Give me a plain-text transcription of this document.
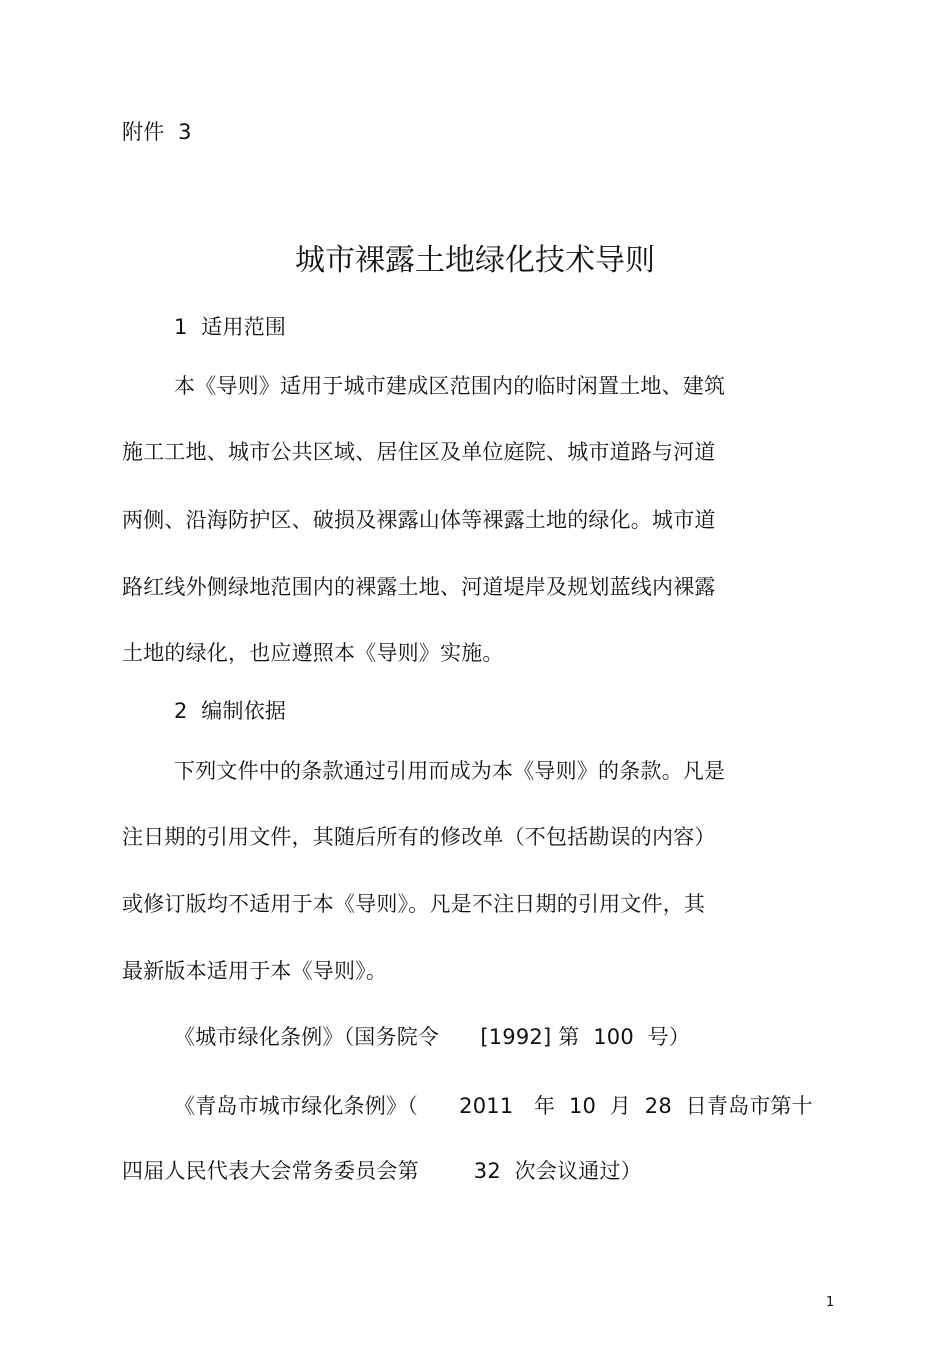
附件  3
城市裸露土地绿化技术导则
1  适用范围
本《导则》适用于城市建成区范围内的临时闲置土地、建筑
施工工地、城市公共区域、居住区及单位庭院、城市道路与河道
两侧、沿海防护区、破损及裸露山体等裸露土地的绿化。城市道
路红线外侧绿地范围内的裸露土地、河道堤岸及规划蓝线内裸露
土地的绿化，也应遵照本《导则》实施。
2  编制依据
下列文件中的条款通过引用而成为本《导则》的条款。凡是
注日期的引用文件，其随后所有的修改单（不包括勘误的内容）
或修订版均不适用于本《导则》。凡是不注日期的引用文件，其
最新版本适用于本《导则》。
《城市绿化条例》（国务院令      [1992] 第  100  号）
《青岛市城市绿化条例》（      2011   年  10  月  28  日青岛市第十
四届人民代表大会常务委员会第        32  次会议通过）
1
